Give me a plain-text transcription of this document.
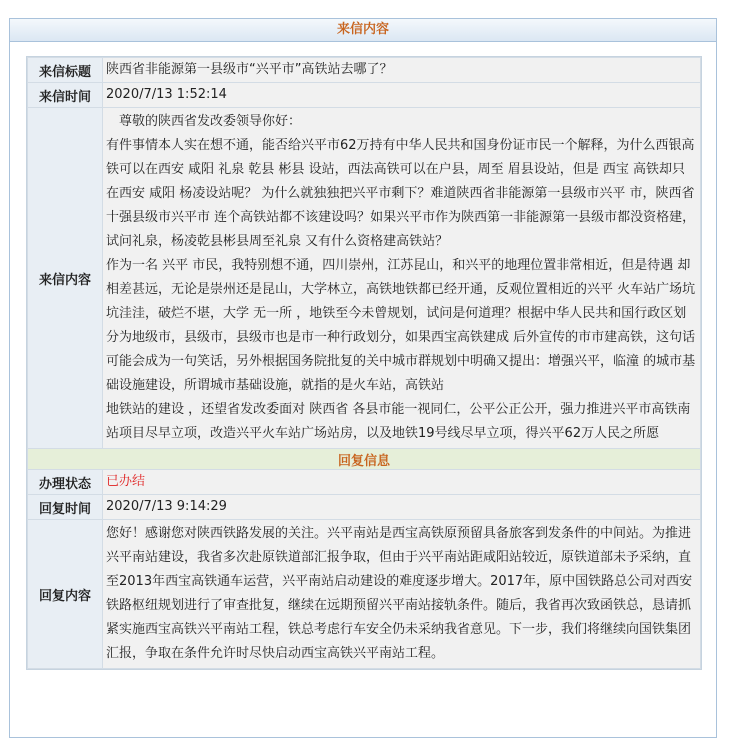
来信内容
来信标题	陕西省非能源第一县级市“兴平市”高铁站去哪了？
来信时间	2020/7/13 1:52:14
来信内容	尊敬的陕西省发改委领导你好：

有件事情本人实在想不通，能否给兴平市62万持有中华人民共和国身份证市民一个解释，为什么西银高铁可以在西安 咸阳 礼泉 乾县 彬县 设站，西法高铁可以在户县，周至 眉县设站，但是 西宝 高铁却只 在西安 咸阳 杨凌设站呢？ 为什么就独独把兴平市剩下？难道陕西省非能源第一县级市兴平 市，陕西省十强县级市兴平市 连个高铁站都不该建设吗？如果兴平市作为陕西第一非能源第一县级市都没资格建，试问礼泉，杨凌乾县彬县周至礼泉 又有什么资格建高铁站？

作为一名 兴平 市民，我特别想不通，四川崇州，江苏昆山，和兴平的地理位置非常相近，但是待遇 却相差甚远，无论是崇州还是昆山，大学林立，高铁地铁都已经开通，反观位置相近的兴平 火车站广场坑坑洼洼，破烂不堪，大学 无一所 ，地铁至今未曾规划，试问是何道理？根据中华人民共和国行政区划分为地级市，县级市，县级市也是市一种行政划分，如果西宝高铁建成 后外宣传的市市建高铁，这句话可能会成为一句笑话，另外根据国务院批复的关中城市群规划中明确又提出：增强兴平，临潼 的城市基础设施建设，所谓城市基础设施，就指的是火车站，高铁站

地铁站的建设 ，还望省发改委面对 陕西省 各县市能一视同仁，公平公正公开，强力推进兴平市高铁南站项目尽早立项，改造兴平火车站广场站房，以及地铁19号线尽早立项，得兴平62万人民之所愿

回复信息	
办理状态	已办结
回复时间	2020/7/13 9:14:29
回复内容	您好！感谢您对陕西铁路发展的关注。兴平南站是西宝高铁原预留具备旅客到发条件的中间站。为推进兴平南站建设，我省多次赴原铁道部汇报争取，但由于兴平南站距咸阳站较近，原铁道部未予采纳，直至2013年西宝高铁通车运营，兴平南站启动建设的难度逐步增大。2017年，原中国铁路总公司对西安铁路枢纽规划进行了审查批复，继续在远期预留兴平南站接轨条件。随后，我省再次致函铁总，恳请抓紧实施西宝高铁兴平南站工程，铁总考虑行车安全仍未采纳我省意见。下一步，我们将继续向国铁集团汇报，争取在条件允许时尽快启动西宝高铁兴平南站工程。
